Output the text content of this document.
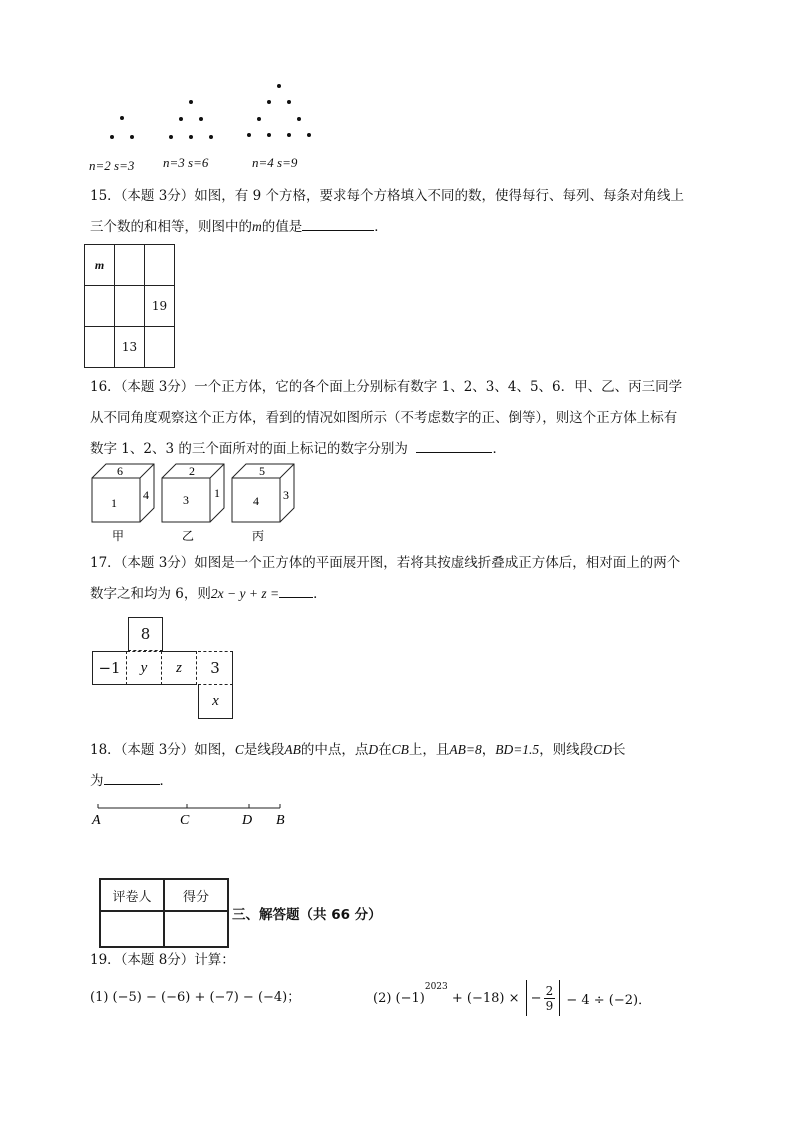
n=2 s=3 n=3 s=6	n=4 s=9
15．（本题 3分）如图，有 9 个方格，要求每个方格填入不同的数，使得每行、每列、每条对角线上
三个数的和相等，则图中的m的值是	．
m		
		19
	13	
16．（本题 3分）一个正方体，它的各个面上分别标有数字 1、2、3、4、5、6．甲、乙、丙三同学
从不同角度观察这个正方体，看到的情况如图所示（不考虑数字的正、倒等），则这个正方体上标有
数字 1、2、3 的三个面所对的面上标记的数字分别为	．
6
1
4
2
3 1
5
4 3
甲	乙	丙
17．（本题 3分）如图是一个正方体的平面展开图，若将其按虚线折叠成正方体后，相对面上的两个
数字之和均为 6，则2x − y + z =	．
8
−1	y	z	3
x
18．（本题 3分）如图，C是线段AB的中点，点D在CB上，且AB=8，BD=1.5，则线段CD长
为	．
A	C	D B
评卷人	得分

三、解答题（共 66 分）
19．（本题 8分）计算：
(1) (−5) − (−6) + (−7) − (−4)；	(2) (−1)
$^{2023}$
+ (−18) × − $\frac{2}{9} - 4 \div (-2)$．
